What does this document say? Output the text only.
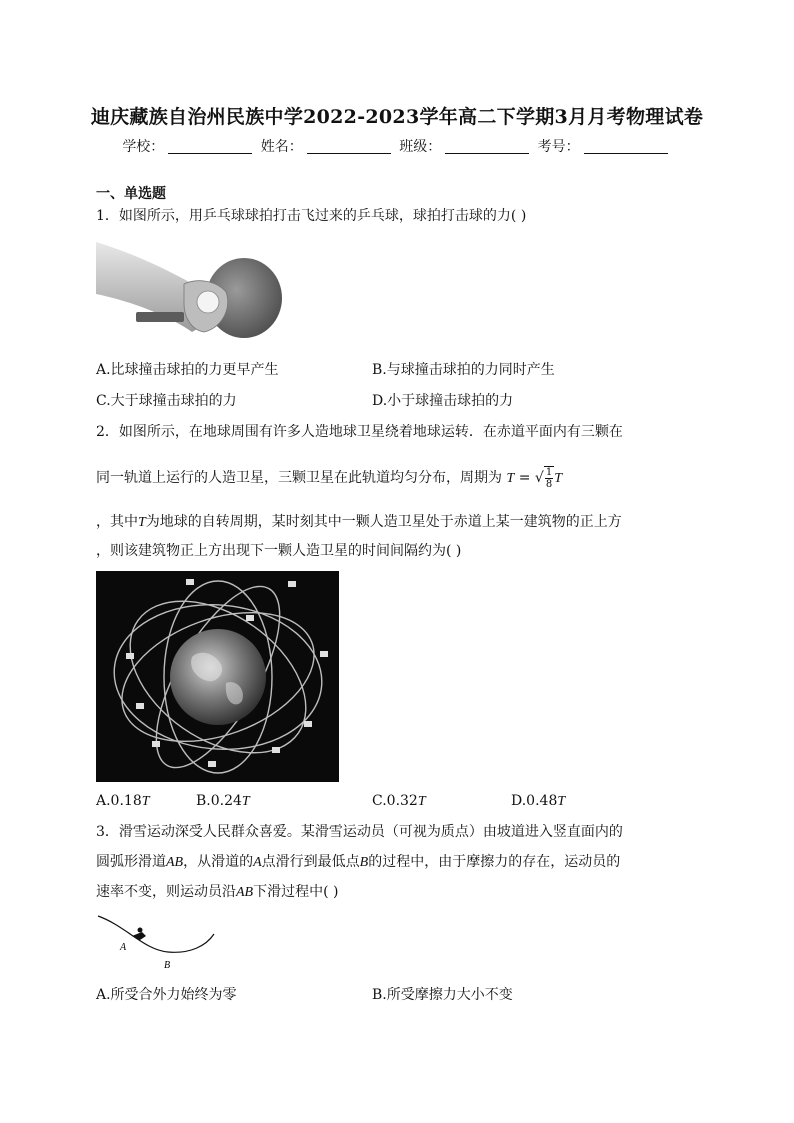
迪庆藏族自治州民族中学2022-2023学年高二下学期3月月考物理试卷
学校：	姓名：	班级：	考号：
一、单选题
1．如图所示，用乒乓球球拍打击飞过来的乒乓球，球拍打击球的力( )
A.比球撞击球拍的力更早产生	B.与球撞击球拍的力同时产生
C.大于球撞击球拍的力	D.小于球撞击球拍的力
2．如图所示，在地球周围有许多人造地球卫星绕着地球运转．在赤道平面内有三颗在
同一轨道上运行的人造卫星，三颗卫星在此轨道均匀分布，周期为 T = √ $\frac{1}{8}T$
，其中T为地球的自转周期，某时刻其中一颗人造卫星处于赤道上某一建筑物的正上方
，则该建筑物正上方出现下一颗人造卫星的时间间隔约为( )
A.0.18T	B.0.24T	C.0.32T	D.0.48T
3．滑雪运动深受人民群众喜爱。某滑雪运动员（可视为质点）由坡道进入竖直面内的
圆弧形滑道AB，从滑道的A点滑行到最低点B的过程中，由于摩擦力的存在，运动员的
速率不变，则运动员沿AB下滑过程中( )
A
B
A.所受合外力始终为零	B.所受摩擦力大小不变
